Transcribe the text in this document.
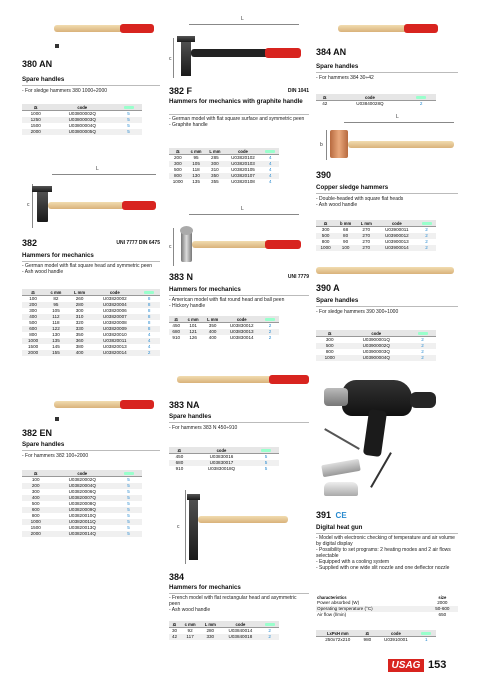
380 AN
Spare handles
- For sledge hammers 380 1000÷2000
⚖	code	
1000	U03800002Q	5
1250	U03800003Q	5
1500	U03800004Q	5
2000	U03800005Q	5
L
c
382	UNI 7777 DIN 6475
Hammers for mechanics
- German model with flat square head and symmetric peen
- Ash wood handle
⚖	c mm	L mm	code	
100	82	260	U03820002	8
200	95	280	U03820004	8
300	105	300	U03820006	8
400	112	310	U03820007	8
500	118	320	U03820008	8
600	122	330	U03820009	8
800	130	350	U03820010	4
1000	135	360	U03820011	4
1500	145	380	U03820013	4
2000	155	400	U03820014	2
382 EN
Spare handles
- For hammers 382 100÷2000
⚖	code	
100	U03820002Q	5
200	U03820004Q	5
300	U03820006Q	5
400	U03820007Q	5
500	U03820008Q	5
600	U03820009Q	5
800	U03820010Q	5
1000	U03820011Q	5
1500	U03820013Q	5
2000	U03820014Q	5
L
c
382 F	DIN 1041
Hammers for mechanics with graphite handle
- German model with flat square surface and symmetric peen
- Graphite handle
⚖	c mm	L mm	code	
200	95	285	U03820102	4
300	105	300	U03820103	4
500	118	310	U03820105	4
800	130	350	U03820107	4
1000	135	355	U03820108	4
L
c
383 N	UNI 7779
Hammers for mechanics
- American model with flat round head and ball peen
- Hickory handle
⚖	c mm	L mm	code	
450	101	350	U03830012	2
680	121	400	U03830013	2
910	126	400	U03830014	2
383 NA
Spare handles
- For hammers 383 N 450÷910
⚖	code	
450	U03830016	5
680	U03830017	5
910	U03830018Q	5
c
384
Hammers for mechanics
- French model with flat rectangular head and asymmetric peen
- Ash wood handle
⚖	c mm	L mm	code	
30	92	280	U03840014	2
42	117	330	U03840018	2
384 AN
Spare handles
- For hammers 384 30÷42
⚖	code	
42	U03840028Q	2
L
b
390
Copper sledge hammers
- Double-headed with square flat heads
- Ash wood handle
⚖	b mm	L mm	code	
300	68	270	U03900011	2
500	80	270	U03900012	2
800	90	270	U03900013	2
1000	100	270	U03900014	2
390 A
Spare handles
- For sledge hammers 390 300÷1000
⚖	code	
300	U03900001Q	2
500	U03900002Q	2
800	U03900003Q	2
1000	U03900004Q	2
391 CE
Digital heat gun
- Model with electronic checking of temperature and air volume by digital display
- Possibility to set programs: 2 heating modes and 2 air flows selectable
- Equipped with a cooling system
- Supplied with one wide slit nozzle and one deflector nozzle
characteristics	size
Power absorbed (W)	2000
Operating temperature (°C)	50-600
Air flow (l/min)	650
LxPxH mm	⚖	code	
250x72x210	980	U03910001	1
USAG 153
